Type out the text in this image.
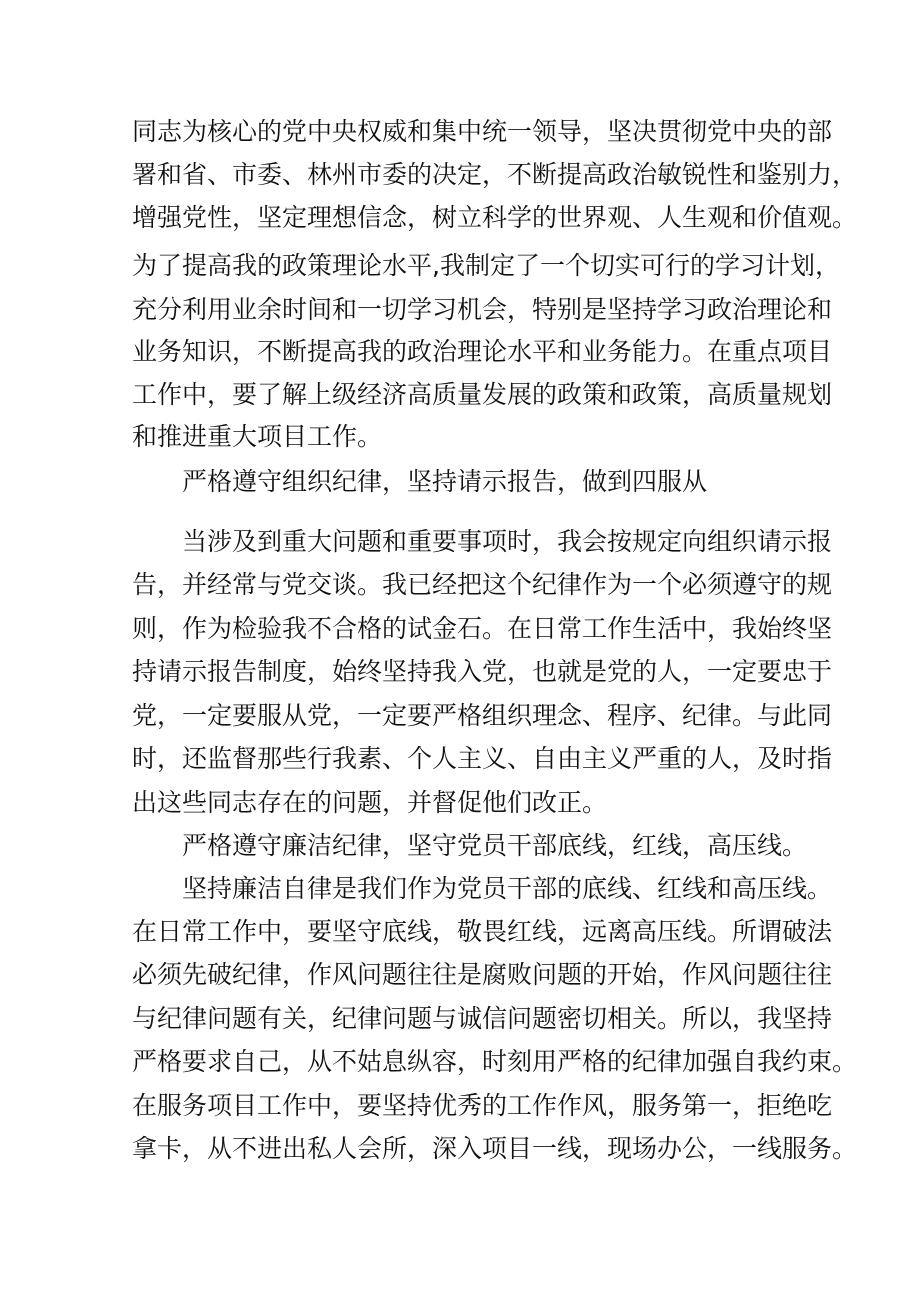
同志为核心的党中央权威和集中统一领导，坚决贯彻党中央的部
署和省、市委、林州市委的决定，不断提高政治敏锐性和鉴别力，
增强党性，坚定理想信念，树立科学的世界观、人生观和价值观。
为了提高我的政策理论水平,我制定了一个切实可行的学习计划，
充分利用业余时间和一切学习机会，特别是坚持学习政治理论和
业务知识，不断提高我的政治理论水平和业务能力。在重点项目
工作中，要了解上级经济高质量发展的政策和政策，高质量规划
和推进重大项目工作。
严格遵守组织纪律，坚持请示报告，做到四服从
当涉及到重大问题和重要事项时，我会按规定向组织请示报
告，并经常与党交谈。我已经把这个纪律作为一个必须遵守的规
则，作为检验我不合格的试金石。在日常工作生活中，我始终坚
持请示报告制度，始终坚持我入党，也就是党的人，一定要忠于
党，一定要服从党，一定要严格组织理念、程序、纪律。与此同
时，还监督那些行我素、个人主义、自由主义严重的人，及时指
出这些同志存在的问题，并督促他们改正。
严格遵守廉洁纪律，坚守党员干部底线，红线，高压线。
坚持廉洁自律是我们作为党员干部的底线、红线和高压线。
在日常工作中，要坚守底线，敬畏红线，远离高压线。所谓破法
必须先破纪律，作风问题往往是腐败问题的开始，作风问题往往
与纪律问题有关，纪律问题与诚信问题密切相关。所以，我坚持
严格要求自己，从不姑息纵容，时刻用严格的纪律加强自我约束。
在服务项目工作中，要坚持优秀的工作作风，服务第一，拒绝吃
拿卡，从不进出私人会所，深入项目一线，现场办公，一线服务。
